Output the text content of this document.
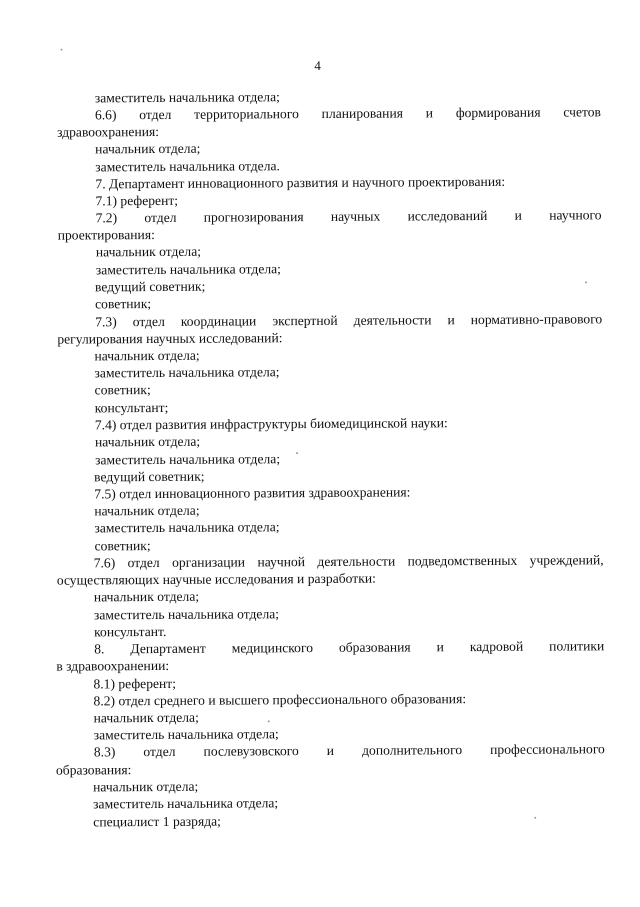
4
заместитель начальника отдела;
6.6) отдел территориального планирования и формирования счетов
здравоохранения:
начальник отдела;
заместитель начальника отдела.
7. Департамент инновационного развития и научного проектирования:
7.1) референт;
7.2) отдел прогнозирования научных исследований и научного
проектирования:
начальник отдела;
заместитель начальника отдела;
ведущий советник;
советник;
7.3) отдел координации экспертной деятельности и нормативно-правового
регулирования научных исследований:
начальник отдела;
заместитель начальника отдела;
советник;
консультант;
7.4) отдел развития инфраструктуры биомедицинской науки:
начальник отдела;
заместитель начальника отдела;
ведущий советник;
7.5) отдел инновационного развития здравоохранения:
начальник отдела;
заместитель начальника отдела;
советник;
7.6) отдел организации научной деятельности подведомственных учреждений,
осуществляющих научные исследования и разработки:
начальник отдела;
заместитель начальника отдела;
консультант.
8. Департамент медицинского образования и кадровой политики
в здравоохранении:
8.1) референт;
8.2) отдел среднего и высшего профессионального образования:
начальник отдела;
заместитель начальника отдела;
8.3) отдел послевузовского и дополнительного профессионального
образования:
начальник отдела;
заместитель начальника отдела;
специалист 1 разряда;
